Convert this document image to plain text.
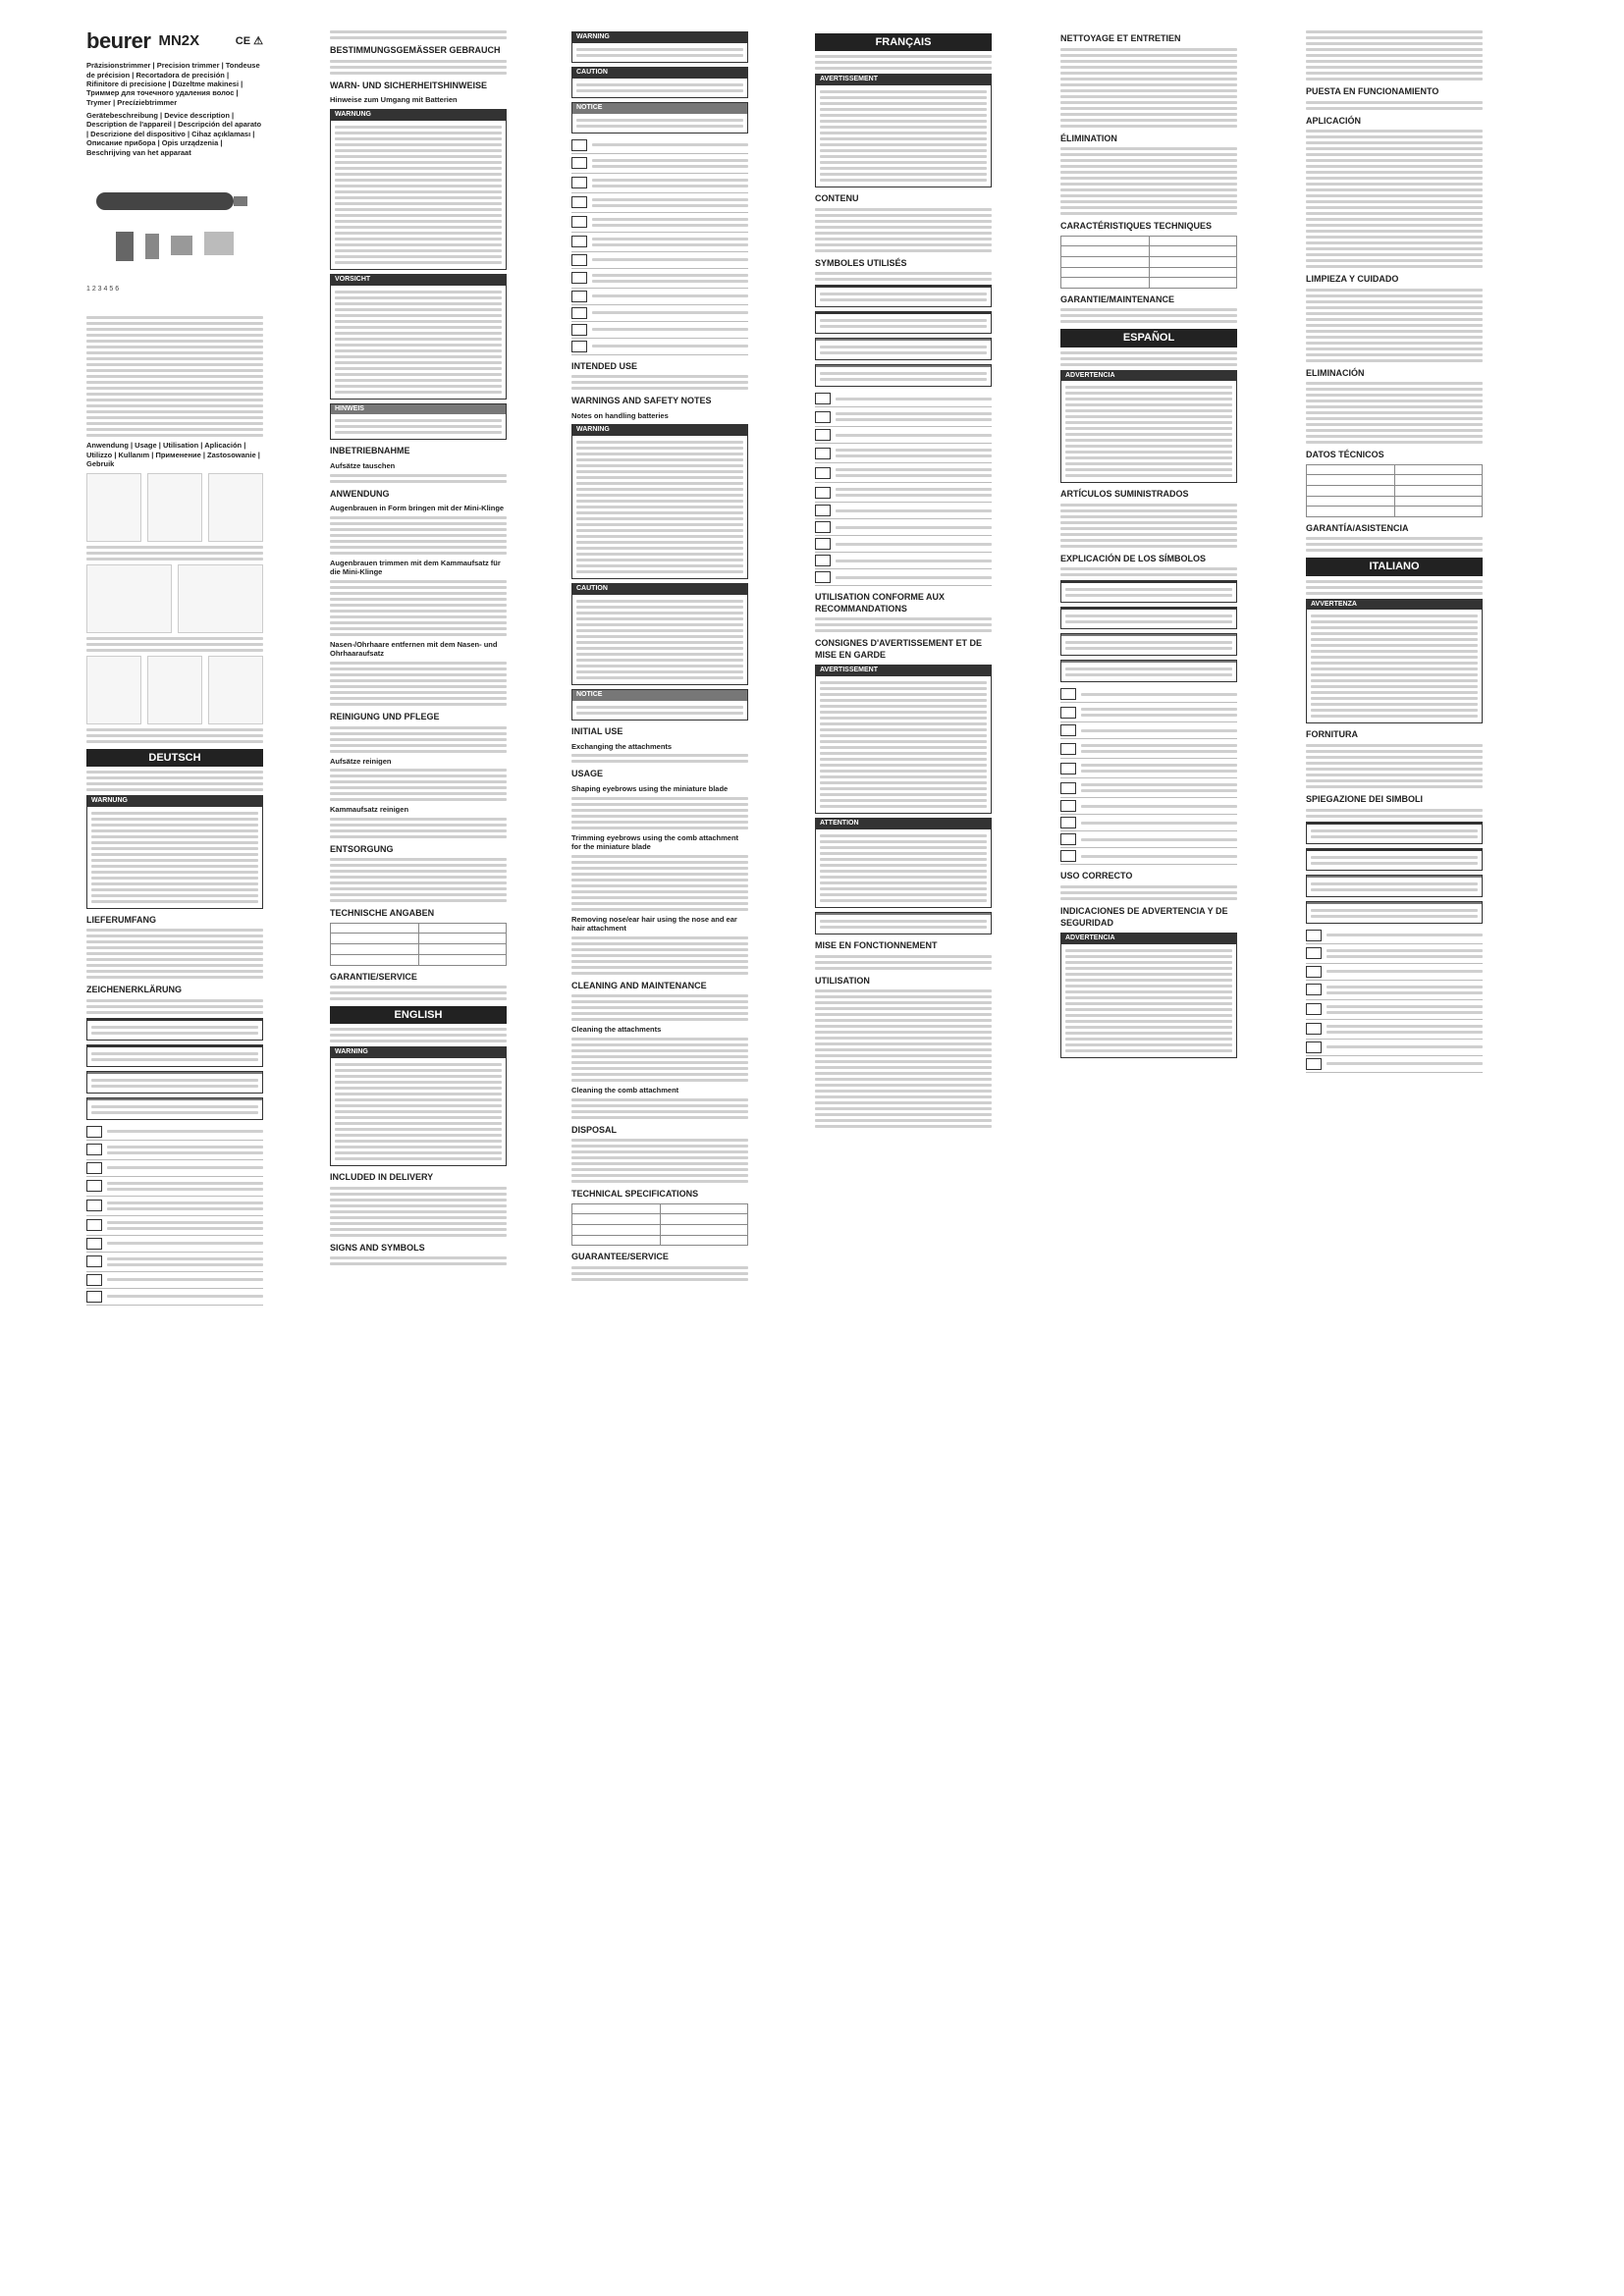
beurer MN2X	CE ⚠
Präzisionstrimmer | Precision trimmer | Tondeuse de précision | Recortadora de precisión | Rifinitore di precisione | Düzeltme makinesi | Триммер для точечного удаления волос | Trymer | Precíziebtrimmer
Gerätebeschreibung | Device description | Description de l'appareil | Descripción del aparato | Descrizione del dispositivo | Cihaz açıklaması | Описание прибора | Opis urządzenia | Beschrijving van het apparaat
1 2 3 4 5 6
Anwendung | Usage | Utilisation | Aplicación | Utilizzo | Kullanım | Применение | Zastosowanie | Gebruik
DEUTSCH
WARNUNG
LIEFERUMFANG
ZEICHENERKLÄRUNG
BESTIMMUNGSGEMÄSSER GEBRAUCH
WARN- UND SICHERHEITSHINWEISE
Hinweise zum Umgang mit Batterien
WARNUNG
VORSICHT
HINWEIS
INBETRIEBNAHME
Aufsätze tauschen
ANWENDUNG
Augenbrauen in Form bringen mit der Mini-Klinge
Augenbrauen trimmen mit dem Kammaufsatz für die Mini-Klinge
Nasen-/Ohrhaare entfernen mit dem Nasen- und Ohrhaaraufsatz
REINIGUNG UND PFLEGE
Aufsätze reinigen
Kammaufsatz reinigen
ENTSORGUNG
TECHNISCHE ANGABEN

GARANTIE/SERVICE
ENGLISH
WARNING
INCLUDED IN DELIVERY
SIGNS AND SYMBOLS
WARNING
CAUTION
NOTICE
INTENDED USE
WARNINGS AND SAFETY NOTES
Notes on handling batteries
WARNING
CAUTION
NOTICE
INITIAL USE
Exchanging the attachments
USAGE
Shaping eyebrows using the miniature blade
Trimming eyebrows using the comb attachment for the miniature blade
Removing nose/ear hair using the nose and ear hair attachment
CLEANING AND MAINTENANCE
Cleaning the attachments
Cleaning the comb attachment
DISPOSAL
TECHNICAL SPECIFICATIONS

GUARANTEE/SERVICE
FRANÇAIS
AVERTISSEMENT
CONTENU
SYMBOLES UTILISÉS
UTILISATION CONFORME AUX RECOMMANDATIONS
CONSIGNES D'AVERTISSEMENT ET DE MISE EN GARDE
AVERTISSEMENT
ATTENTION
MISE EN FONCTIONNEMENT
UTILISATION
NETTOYAGE ET ENTRETIEN
ÉLIMINATION
CARACTÉRISTIQUES TECHNIQUES

GARANTIE/MAINTENANCE
ESPAÑOL
ADVERTENCIA
ARTÍCULOS SUMINISTRADOS
EXPLICACIÓN DE LOS SÍMBOLOS
USO CORRECTO
INDICACIONES DE ADVERTENCIA Y DE SEGURIDAD
ADVERTENCIA
PUESTA EN FUNCIONAMIENTO
APLICACIÓN
LIMPIEZA Y CUIDADO
ELIMINACIÓN
DATOS TÉCNICOS

GARANTÍA/ASISTENCIA
ITALIANO
AVVERTENZA
FORNITURA
SPIEGAZIONE DEI SIMBOLI
